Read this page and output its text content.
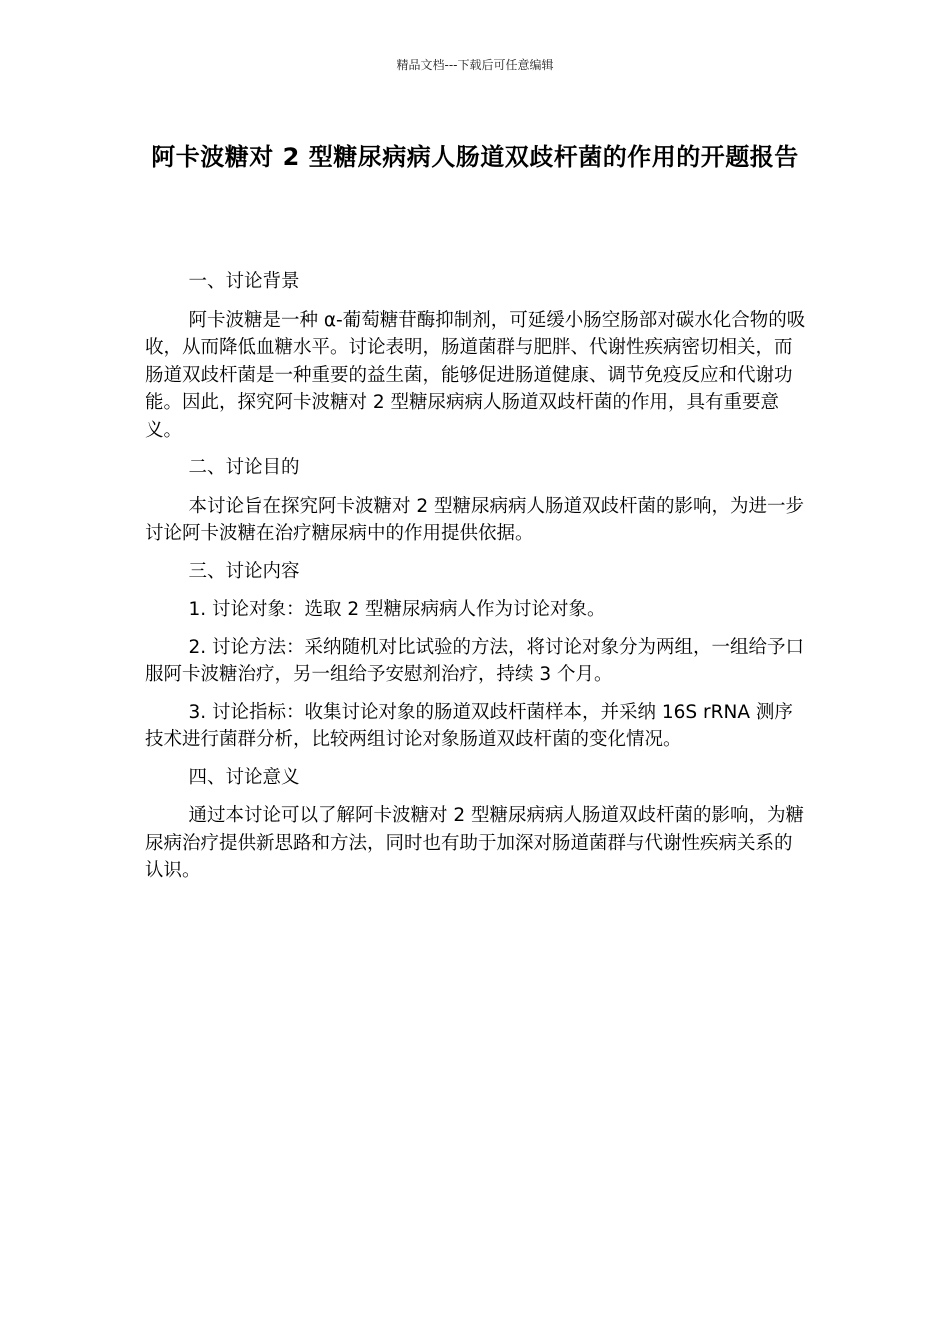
精品文档---下载后可任意编辑
阿卡波糖对 2 型糖尿病病人肠道双歧杆菌的作用的开题报告

一、讨论背景

阿卡波糖是一种 α-葡萄糖苷酶抑制剂，可延缓小肠空肠部对碳水化合物的吸收，从而降低血糖水平。讨论表明，肠道菌群与肥胖、代谢性疾病密切相关，而肠道双歧杆菌是一种重要的益生菌，能够促进肠道健康、调节免疫反应和代谢功能。因此，探究阿卡波糖对 2 型糖尿病病人肠道双歧杆菌的作用，具有重要意义。

二、讨论目的

本讨论旨在探究阿卡波糖对 2 型糖尿病病人肠道双歧杆菌的影响，为进一步讨论阿卡波糖在治疗糖尿病中的作用提供依据。

三、讨论内容

1. 讨论对象：选取 2 型糖尿病病人作为讨论对象。

2. 讨论方法：采纳随机对比试验的方法，将讨论对象分为两组，一组给予口服阿卡波糖治疗，另一组给予安慰剂治疗，持续 3 个月。

3. 讨论指标：收集讨论对象的肠道双歧杆菌样本，并采纳 16S rRNA 测序技术进行菌群分析，比较两组讨论对象肠道双歧杆菌的变化情况。

四、讨论意义

通过本讨论可以了解阿卡波糖对 2 型糖尿病病人肠道双歧杆菌的影响，为糖尿病治疗提供新思路和方法，同时也有助于加深对肠道菌群与代谢性疾病关系的认识。
